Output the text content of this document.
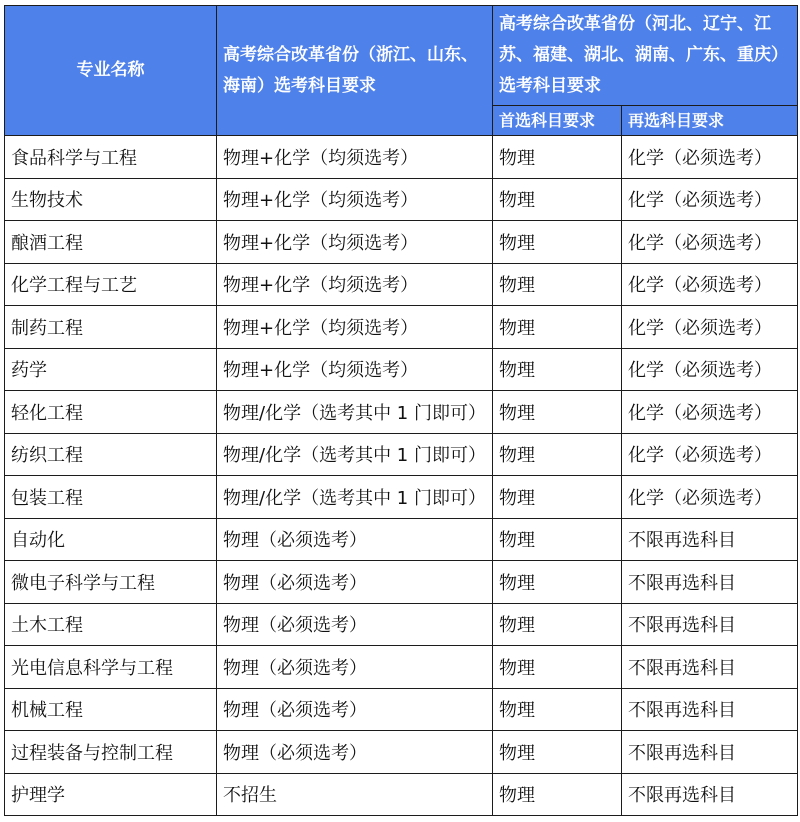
专业名称	高考综合改革省份（浙江、山东、海南）选考科目要求	高考综合改革省份（河北、辽宁、江苏、福建、湖北、湖南、广东、重庆）选考科目要求	
		首选科目要求	再选科目要求
食品科学与工程	物理+化学（均须选考）	物理	化学（必须选考）
生物技术	物理+化学（均须选考）	物理	化学（必须选考）
酿酒工程	物理+化学（均须选考）	物理	化学（必须选考）
化学工程与工艺	物理+化学（均须选考）	物理	化学（必须选考）
制药工程	物理+化学（均须选考）	物理	化学（必须选考）
药学	物理+化学（均须选考）	物理	化学（必须选考）
轻化工程	物理/化学（选考其中 1 门即可）	物理	化学（必须选考）
纺织工程	物理/化学（选考其中 1 门即可）	物理	化学（必须选考）
包装工程	物理/化学（选考其中 1 门即可）	物理	化学（必须选考）
自动化	物理（必须选考）	物理	不限再选科目
微电子科学与工程	物理（必须选考）	物理	不限再选科目
土木工程	物理（必须选考）	物理	不限再选科目
光电信息科学与工程	物理（必须选考）	物理	不限再选科目
机械工程	物理（必须选考）	物理	不限再选科目
过程装备与控制工程	物理（必须选考）	物理	不限再选科目
护理学	不招生	物理	不限再选科目
